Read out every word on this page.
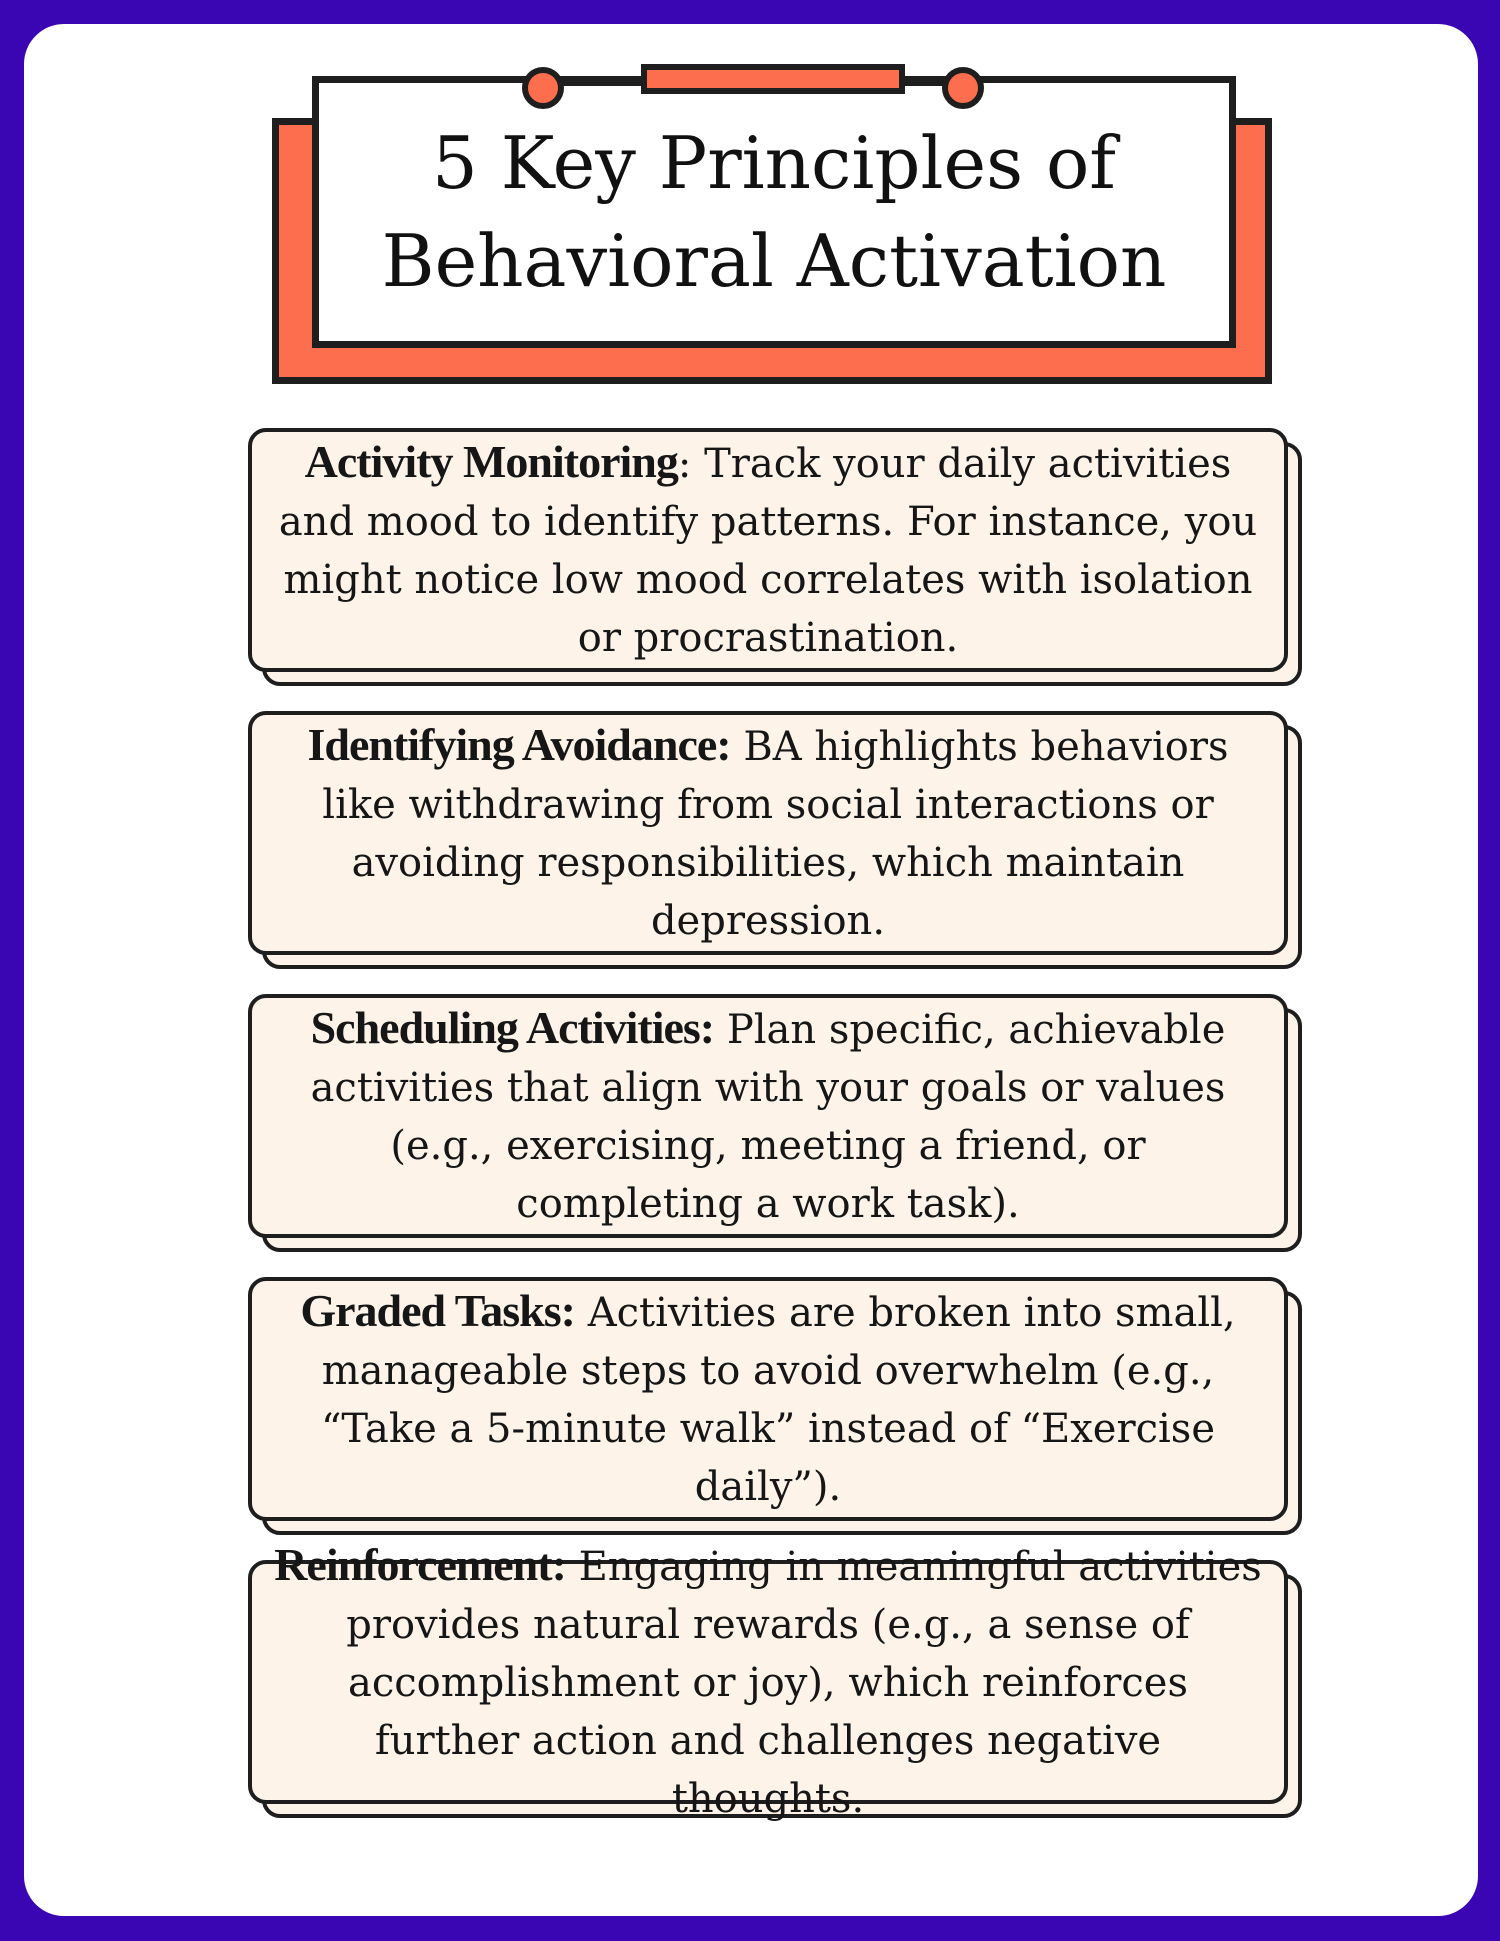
5 Key Principles of
Behavioral Activation

Activity Monitoring: Track your daily activities and mood to identify patterns. For instance, you might notice low mood correlates with isolation or procrastination.

Identifying Avoidance: BA highlights behaviors like withdrawing from social interactions or avoiding responsibilities, which maintain depression.

Scheduling Activities: Plan specific, achievable activities that align with your goals or values (e.g., exercising, meeting a friend, or completing a work task).

Graded Tasks: Activities are broken into small, manageable steps to avoid overwhelm (e.g., “Take a 5-minute walk” instead of “Exercise daily”).

Reinforcement: Engaging in meaningful activities provides natural rewards (e.g., a sense of accomplishment or joy), which reinforces further action and challenges negative thoughts.
